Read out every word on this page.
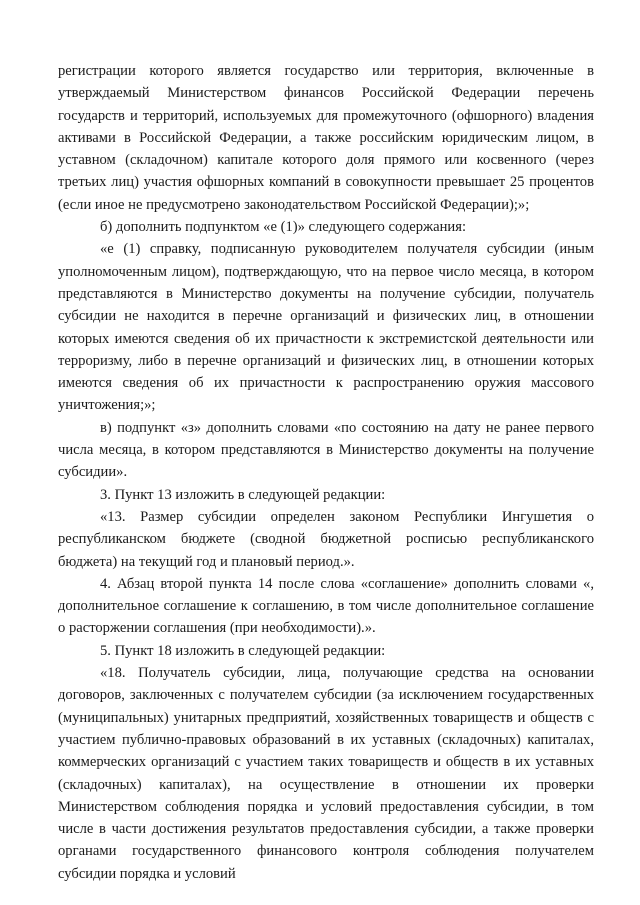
регистрации которого является государство или территория, включенные в утверждаемый Министерством финансов Российской Федерации перечень государств и территорий, используемых для промежуточного (офшорного) владения активами в Российской Федерации, а также российским юридическим лицом, в уставном (складочном) капитале которого доля прямого или косвенного (через третьих лиц) участия офшорных компаний в совокупности превышает 25 процентов (если иное не предусмотрено законодательством Российской Федерации);»;

б) дополнить подпунктом «е (1)» следующего содержания:

«е (1) справку, подписанную руководителем получателя субсидии (иным уполномоченным лицом), подтверждающую, что на первое число месяца, в котором представляются в Министерство документы на получение субсидии, получатель субсидии не находится в перечне организаций и физических лиц, в отношении которых имеются сведения об их причастности к экстремистской деятельности или терроризму, либо в перечне организаций и физических лиц, в отношении которых имеются сведения об их причастности к распространению оружия массового уничтожения;»;

в) подпункт «з» дополнить словами «по состоянию на дату не ранее первого числа месяца, в котором представляются в Министерство документы на получение субсидии».

3. Пункт 13 изложить в следующей редакции:

«13. Размер субсидии определен законом Республики Ингушетия о республиканском бюджете (сводной бюджетной росписью республиканского бюджета) на текущий год и плановый период.».

4. Абзац второй пункта 14 после слова «соглашение» дополнить словами «, дополнительное соглашение к соглашению, в том числе дополнительное соглашение о расторжении соглашения (при необходимости).».

5. Пункт 18 изложить в следующей редакции:

«18. Получатель субсидии, лица, получающие средства на основании договоров, заключенных с получателем субсидии (за исключением государственных (муниципальных) унитарных предприятий, хозяйственных товариществ и обществ с участием публично-правовых образований в их уставных (складочных) капиталах, коммерческих организаций с участием таких товариществ и обществ в их уставных (складочных) капиталах), на осуществление в отношении их проверки Министерством соблюдения порядка и условий предоставления субсидии, в том числе в части достижения результатов предоставления субсидии, а также проверки органами государственного финансового контроля соблюдения получателем субсидии порядка и условий
